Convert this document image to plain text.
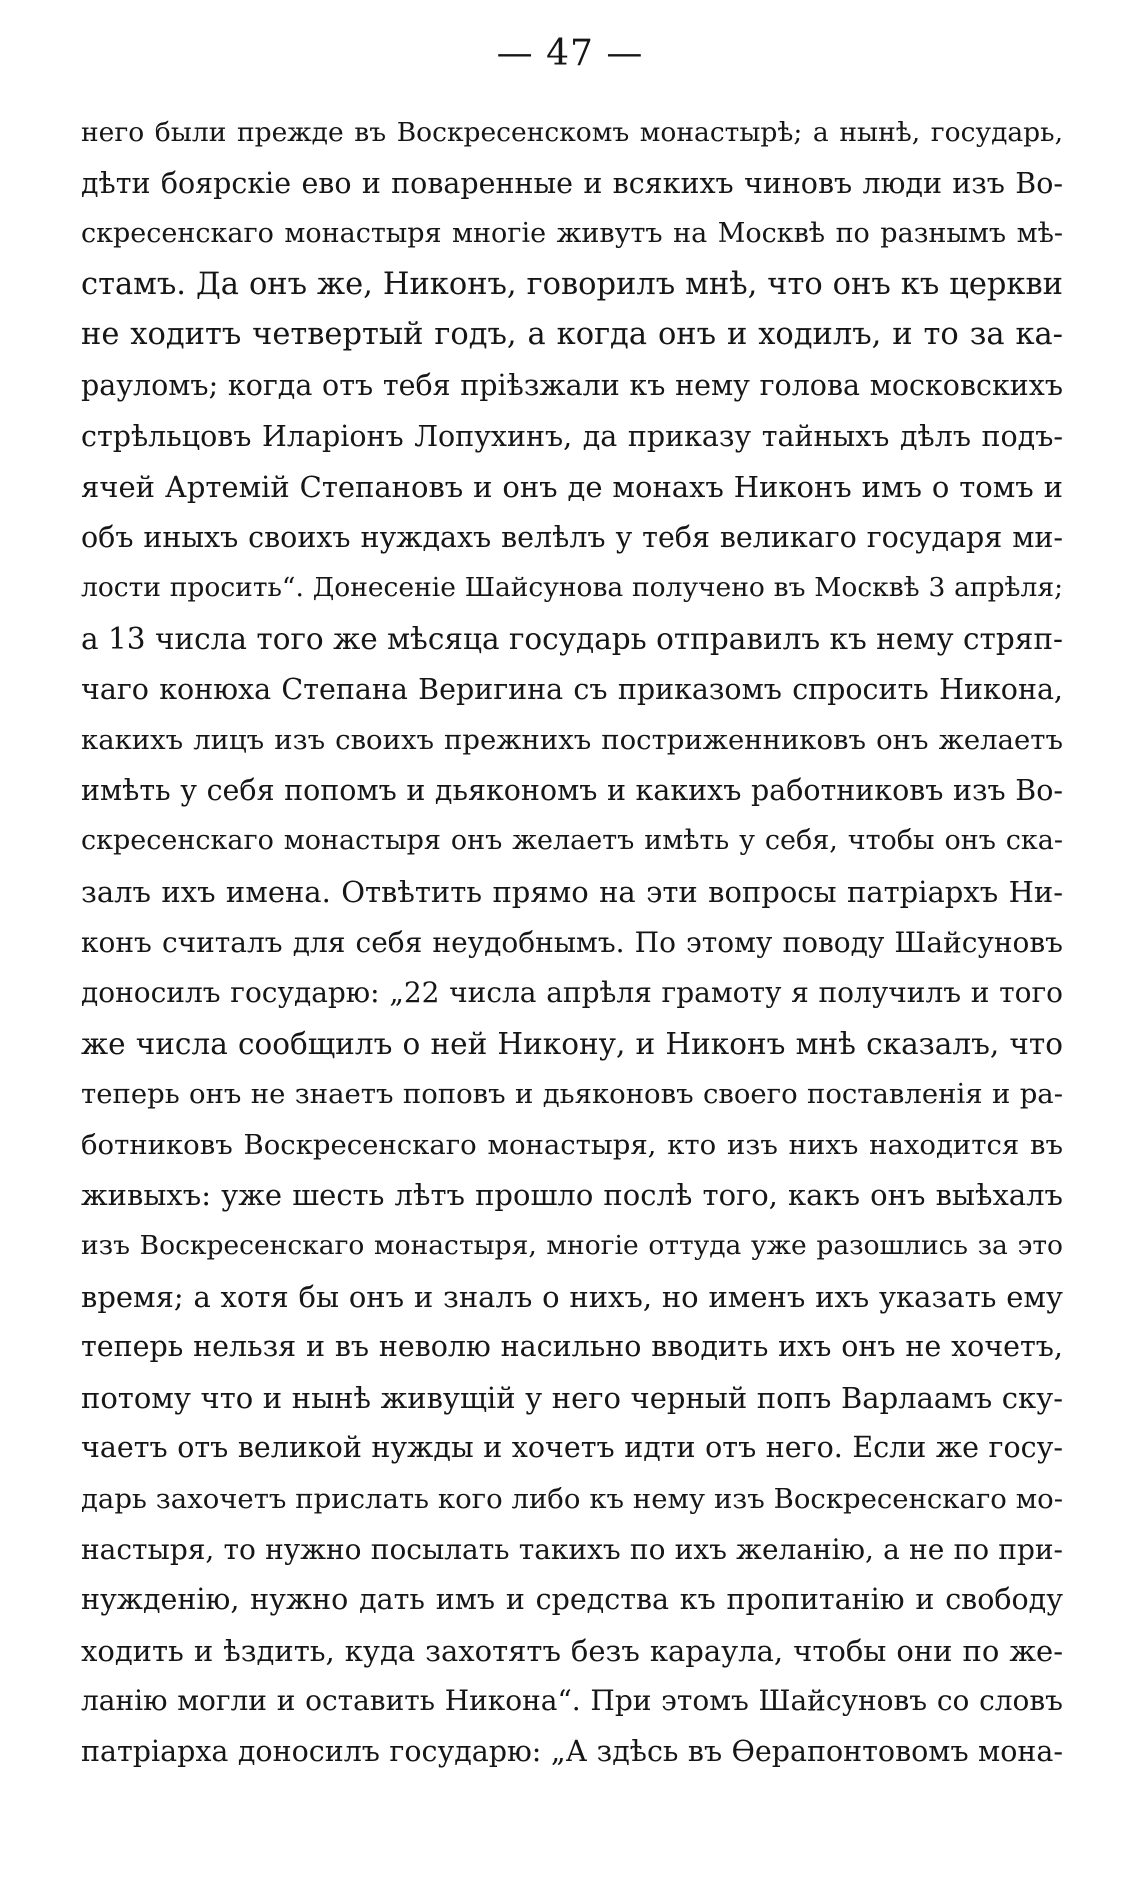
— 47 —
него были прежде въ Воскресенскомъ монастырѣ; а нынѣ, государь,
дѣти боярскіе ево и поваренные и всякихъ чиновъ люди изъ Во-
скресенскаго монастыря многіе живутъ на Москвѣ по разнымъ мѣ-
стамъ. Да онъ же, Никонъ, говорилъ мнѣ, что онъ къ церкви
не ходитъ четвертый годъ, а когда онъ и ходилъ, и то за ка-
рауломъ; когда отъ тебя пріѣзжали къ нему голова московскихъ
стрѣльцовъ Иларіонъ Лопухинъ, да приказу тайныхъ дѣлъ подъ-
ячей Артемій Степановъ и онъ де монахъ Никонъ имъ о томъ и
объ иныхъ своихъ нуждахъ велѣлъ у тебя великаго государя ми-
лости просить“. Донесеніе Шайсунова получено въ Москвѣ 3 апрѣля;
а 13 числа того же мѣсяца государь отправилъ къ нему стряп-
чаго конюха Степана Веригина съ приказомъ спросить Никона,
какихъ лицъ изъ своихъ прежнихъ постриженниковъ онъ желаетъ
имѣть у себя попомъ и дьякономъ и какихъ работниковъ изъ Во-
скресенскаго монастыря онъ желаетъ имѣть у себя, чтобы онъ ска-
залъ ихъ имена. Отвѣтить прямо на эти вопросы патріархъ Ни-
конъ считалъ для себя неудобнымъ. По этому поводу Шайсуновъ
доносилъ государю: „22 числа апрѣля грамоту я получилъ и того
же числа сообщилъ о ней Никону, и Никонъ мнѣ сказалъ, что
теперь онъ не знаетъ поповъ и дьяконовъ своего поставленія и ра-
ботниковъ Воскресенскаго монастыря, кто изъ нихъ находится въ
живыхъ: уже шесть лѣтъ прошло послѣ того, какъ онъ выѣхалъ
изъ Воскресенскаго монастыря, многіе оттуда уже разошлись за это
время; а хотя бы онъ и зналъ о нихъ, но именъ ихъ указать ему
теперь нельзя и въ неволю насильно вводить ихъ онъ не хочетъ,
потому что и нынѣ живущій у него черный попъ Варлаамъ ску-
чаетъ отъ великой нужды и хочетъ идти отъ него. Если же госу-
дарь захочетъ прислать кого либо къ нему изъ Воскресенскаго мо-
настыря, то нужно посылать такихъ по ихъ желанію, а не по при-
нужденію, нужно дать имъ и средства къ пропитанію и свободу
ходить и ѣздить, куда захотятъ безъ караула, чтобы они по же-
ланію могли и оставить Никона“. При этомъ Шайсуновъ со словъ
патріарха доносилъ государю: „А здѣсь въ Ѳерапонтовомъ мона-
